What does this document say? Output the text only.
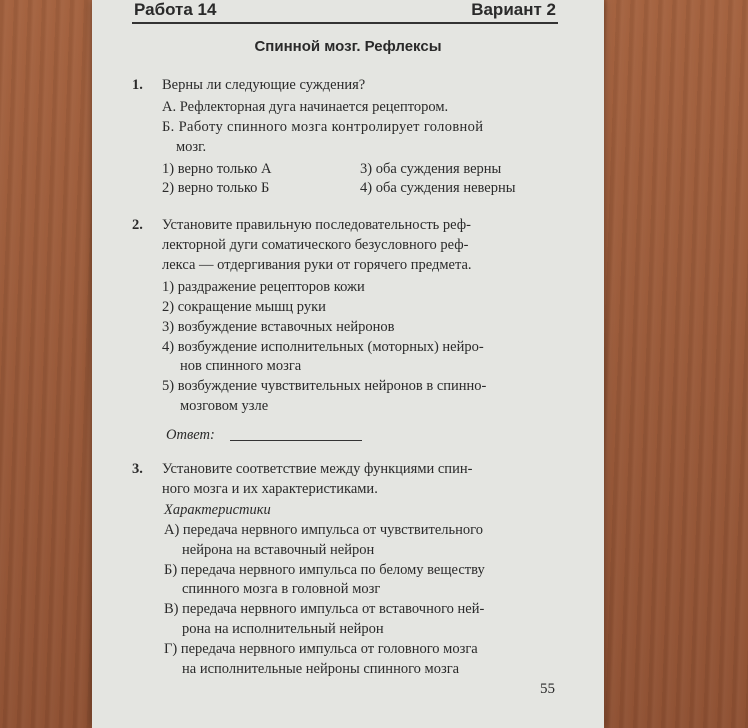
Работа 14	Вариант 2
Спинной мозг. Рефлексы
1. Верны ли следующие суждения?
А. Рефлекторная дуга начинается рецептором.
Б. Работу спинного мозга контролирует головной
мозг.
1) верно только А	3) оба суждения верны
2) верно только Б	4) оба суждения неверны
2. Установите правильную последовательность реф-
лекторной дуги соматического безусловного реф-
лекса — отдергивания руки от горячего предмета.
1) раздражение рецепторов кожи
2) сокращение мышц руки
3) возбуждение вставочных нейронов
4) возбуждение исполнительных (моторных) нейро-
нов спинного мозга
5) возбуждение чувствительных нейронов в спинно-
мозговом узле
Ответ:
3. Установите соответствие между функциями спин-
ного мозга и их характеристиками.
Характеристики
А) передача нервного импульса от чувствительного
нейрона на вставочный нейрон
Б) передача нервного импульса по белому веществу
спинного мозга в головной мозг
В) передача нервного импульса от вставочного ней-
рона на исполнительный нейрон
Г) передача нервного импульса от головного мозга
на исполнительные нейроны спинного мозга
55
